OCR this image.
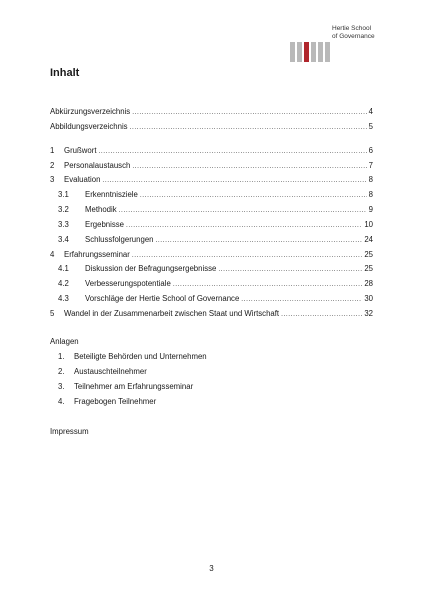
Hertie School
of Governance
Inhalt
Abkürzungsverzeichnis .....	4
Abbildungsverzeichnis .....	5
1	Grußwort .....	6
2	Personalaustausch .....	7
3	Evaluation .....	8
3.1	Erkenntnisziele .....	8
3.2	Methodik .....	9
3.3	Ergebnisse .....	10
3.4	Schlussfolgerungen .....	24
4	Erfahrungsseminar .....	25
4.1	Diskussion der Befragungsergebnisse .....	25
4.2	Verbesserungspotentiale .....	28
4.3	Vorschläge der Hertie School of Governance .....	30
5	Wandel in der Zusammenarbeit zwischen Staat und Wirtschaft .....	32
Anlagen
1. Beteiligte Behörden und Unternehmen
2. Austauschteilnehmer
3. Teilnehmer am Erfahrungsseminar
4. Fragebogen Teilnehmer
Impressum
3
